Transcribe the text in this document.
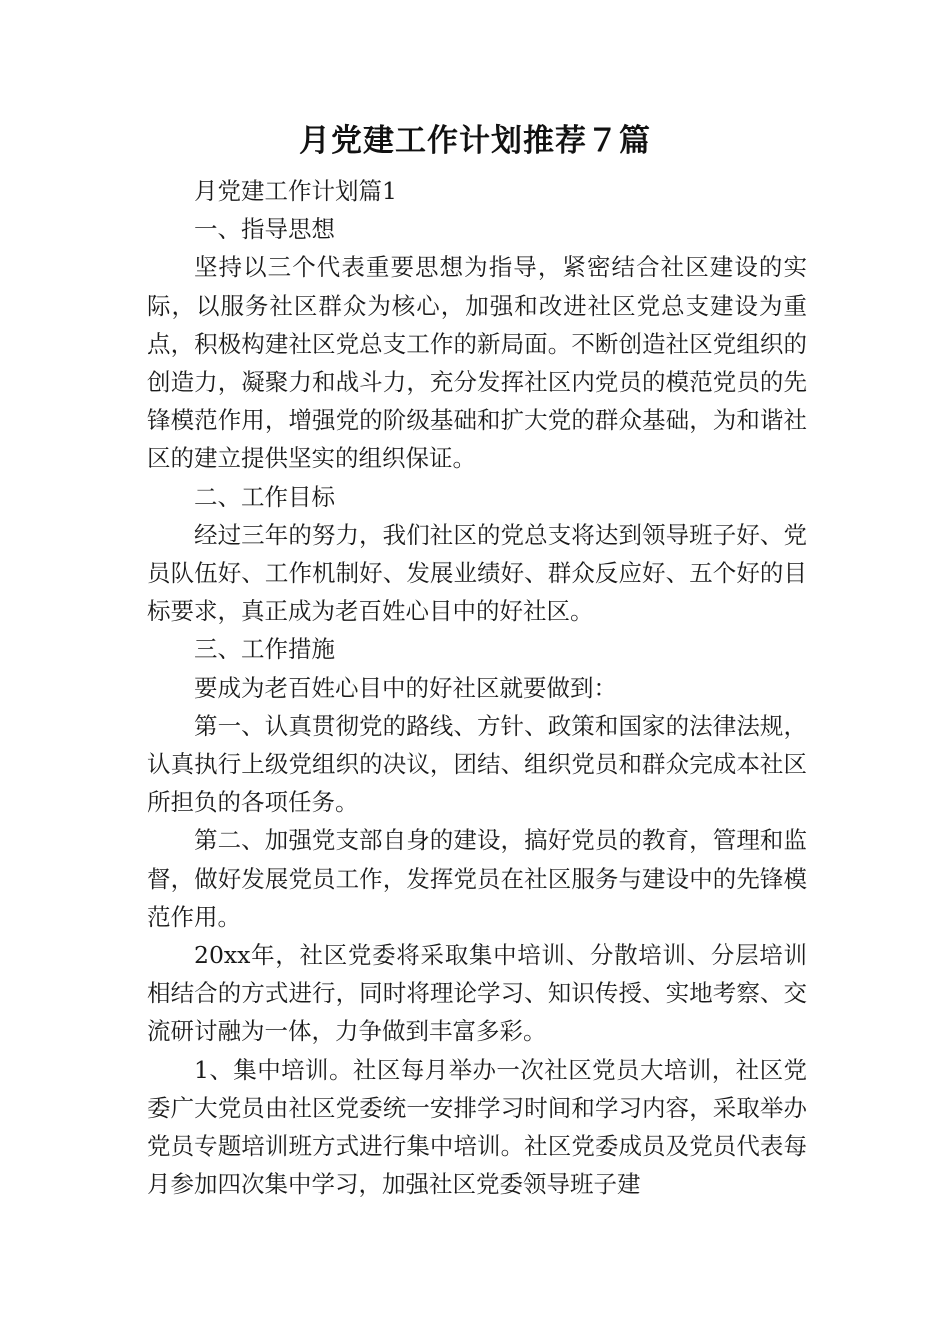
月党建工作计划推荐７篇

月党建工作计划篇1

一、指导思想

坚持以三个代表重要思想为指导，紧密结合社区建设的实际，以服务社区群众为核心，加强和改进社区党总支建设为重点，积极构建社区党总支工作的新局面。不断创造社区党组织的创造力，凝聚力和战斗力，充分发挥社区内党员的模范党员的先锋模范作用，增强党的阶级基础和扩大党的群众基础，为和谐社区的建立提供坚实的组织保证。

二、工作目标

经过三年的努力，我们社区的党总支将达到领导班子好、党员队伍好、工作机制好、发展业绩好、群众反应好、五个好的目标要求，真正成为老百姓心目中的好社区。

三、工作措施

要成为老百姓心目中的好社区就要做到：

第一、认真贯彻党的路线、方针、政策和国家的法律法规，认真执行上级党组织的决议，团结、组织党员和群众完成本社区所担负的各项任务。

第二、加强党支部自身的建设，搞好党员的教育，管理和监督，做好发展党员工作，发挥党员在社区服务与建设中的先锋模范作用。

20xx年，社区党委将采取集中培训、分散培训、分层培训相结合的方式进行，同时将理论学习、知识传授、实地考察、交流研讨融为一体，力争做到丰富多彩。

1、集中培训。社区每月举办一次社区党员大培训，社区党委广大党员由社区党委统一安排学习时间和学习内容，采取举办党员专题培训班方式进行集中培训。社区党委成员及党员代表每月参加四次集中学习，加强社区党委领导班子建
